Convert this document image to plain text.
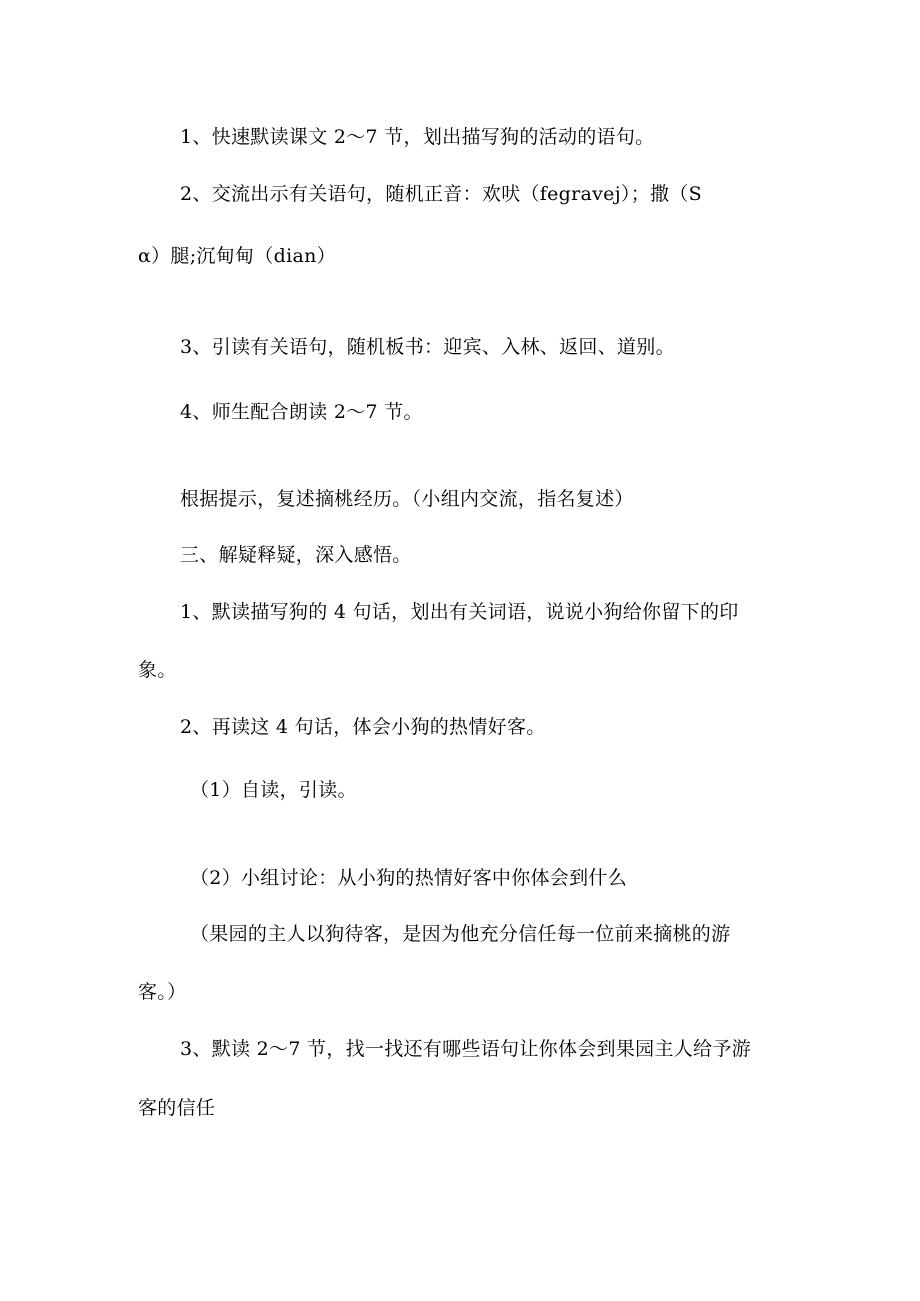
1、快速默读课文 2～7 节，划出描写狗的活动的语句。
2、交流出示有关语句，随机正音：欢吠（fegravej）；撒（S
α）腿;沉甸甸（dian）
3、引读有关语句，随机板书：迎宾、入林、返回、道别。
4、师生配合朗读 2～7 节。
根据提示，复述摘桃经历。（小组内交流，指名复述）
三、解疑释疑，深入感悟。
1、默读描写狗的 4 句话，划出有关词语，说说小狗给你留下的印
象。
2、再读这 4 句话，体会小狗的热情好客。
（1）自读，引读。
（2）小组讨论：从小狗的热情好客中你体会到什么
（果园的主人以狗待客，是因为他充分信任每一位前来摘桃的游
客。）
3、默读 2～7 节，找一找还有哪些语句让你体会到果园主人给予游
客的信任
